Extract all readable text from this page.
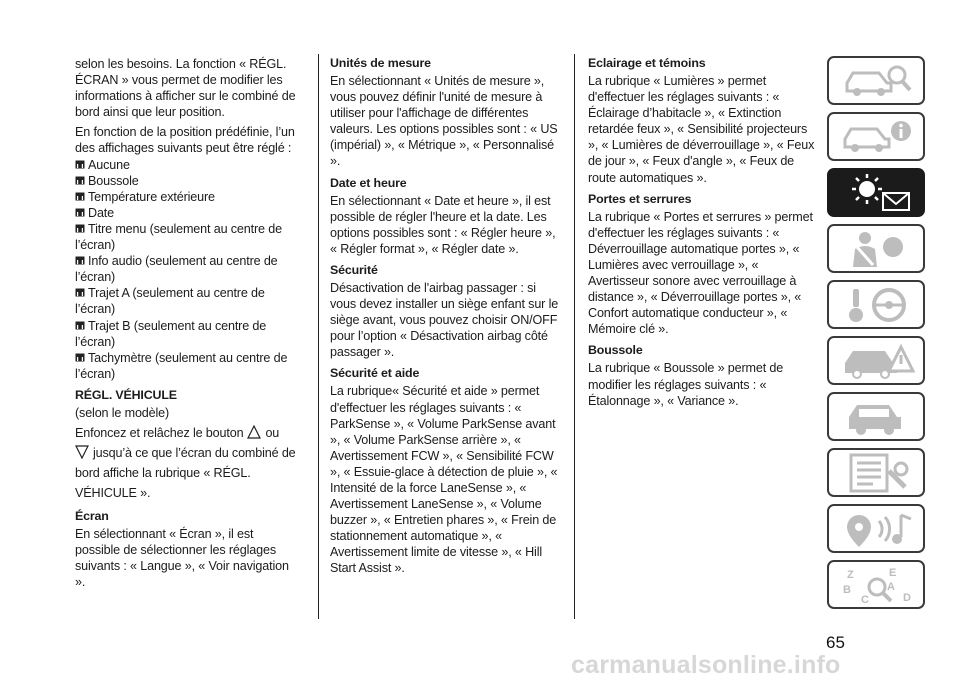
selon les besoins. La fonction « RÉGL. ÉCRAN » vous permet de modifier les informations à afficher sur le combiné de bord ainsi que leur position.

En fonction de la position prédéfinie, l’un des affichages suivants peut être réglé :

Aucune
Boussole
Température extérieure
Date
Titre menu (seulement au centre de l’écran)
Info audio (seulement au centre de l’écran)
Trajet A (seulement au centre de l’écran)
Trajet B (seulement au centre de l’écran)
Tachymètre (seulement au centre de l’écran)
RÉGL. VÉHICULE

(selon le modèle)

Enfoncez et relâchez le bouton ou
jusqu’à ce que l’écran du combiné de bord affiche la rubrique « RÉGL. VÉHICULE ».

Écran

En sélectionnant « Écran », il est possible de sélectionner les réglages suivants : « Langue », « Voir navigation ».

Unités de mesure

En sélectionnant « Unités de mesure », vous pouvez définir l'unité de mesure à utiliser pour l'affichage de différentes valeurs. Les options possibles sont : « US (impérial) », « Métrique », « Personnalisé ».

Date et heure

En sélectionnant « Date et heure », il est possible de régler l'heure et la date. Les options possibles sont : « Régler heure », « Régler format », « Régler date ».

Sécurité

Désactivation de l'airbag passager : si vous devez installer un siège enfant sur le siège avant, vous pouvez choisir ON/OFF pour l’option « Désactivation airbag côté passager ».

Sécurité et aide

La rubrique« Sécurité et aide » permet d'effectuer les réglages suivants : « ParkSense », « Volume ParkSense avant », « Volume ParkSense arrière », « Avertissement FCW », « Sensibilité FCW », « Essuie-glace à détection de pluie », « Intensité de la force LaneSense », « Avertissement LaneSense », « Volume buzzer », « Entretien phares », « Frein de stationnement automatique », « Avertissement limite de vitesse », « Hill Start Assist ».

Eclairage et témoins

La rubrique « Lumières » permet d'effectuer les réglages suivants : « Éclairage d’habitacle », « Extinction retardée feux », « Sensibilité projecteurs », « Lumières de déverrouillage », « Feux de jour », « Feux d'angle », « Feux de route automatiques ».

Portes et serrures

La rubrique « Portes et serrures » permet d'effectuer les réglages suivants : « Déverrouillage automatique portes », « Lumières avec verrouillage », « Avertisseur sonore avec verrouillage à distance », « Déverrouillage portes », « Confort automatique conducteur », « Mémoire clé ».

Boussole

La rubrique « Boussole » permet de modifier les réglages suivants : « Étalonnage », « Variance ».

Z	E
B	A
C	D
65
carmanualsonline.info
